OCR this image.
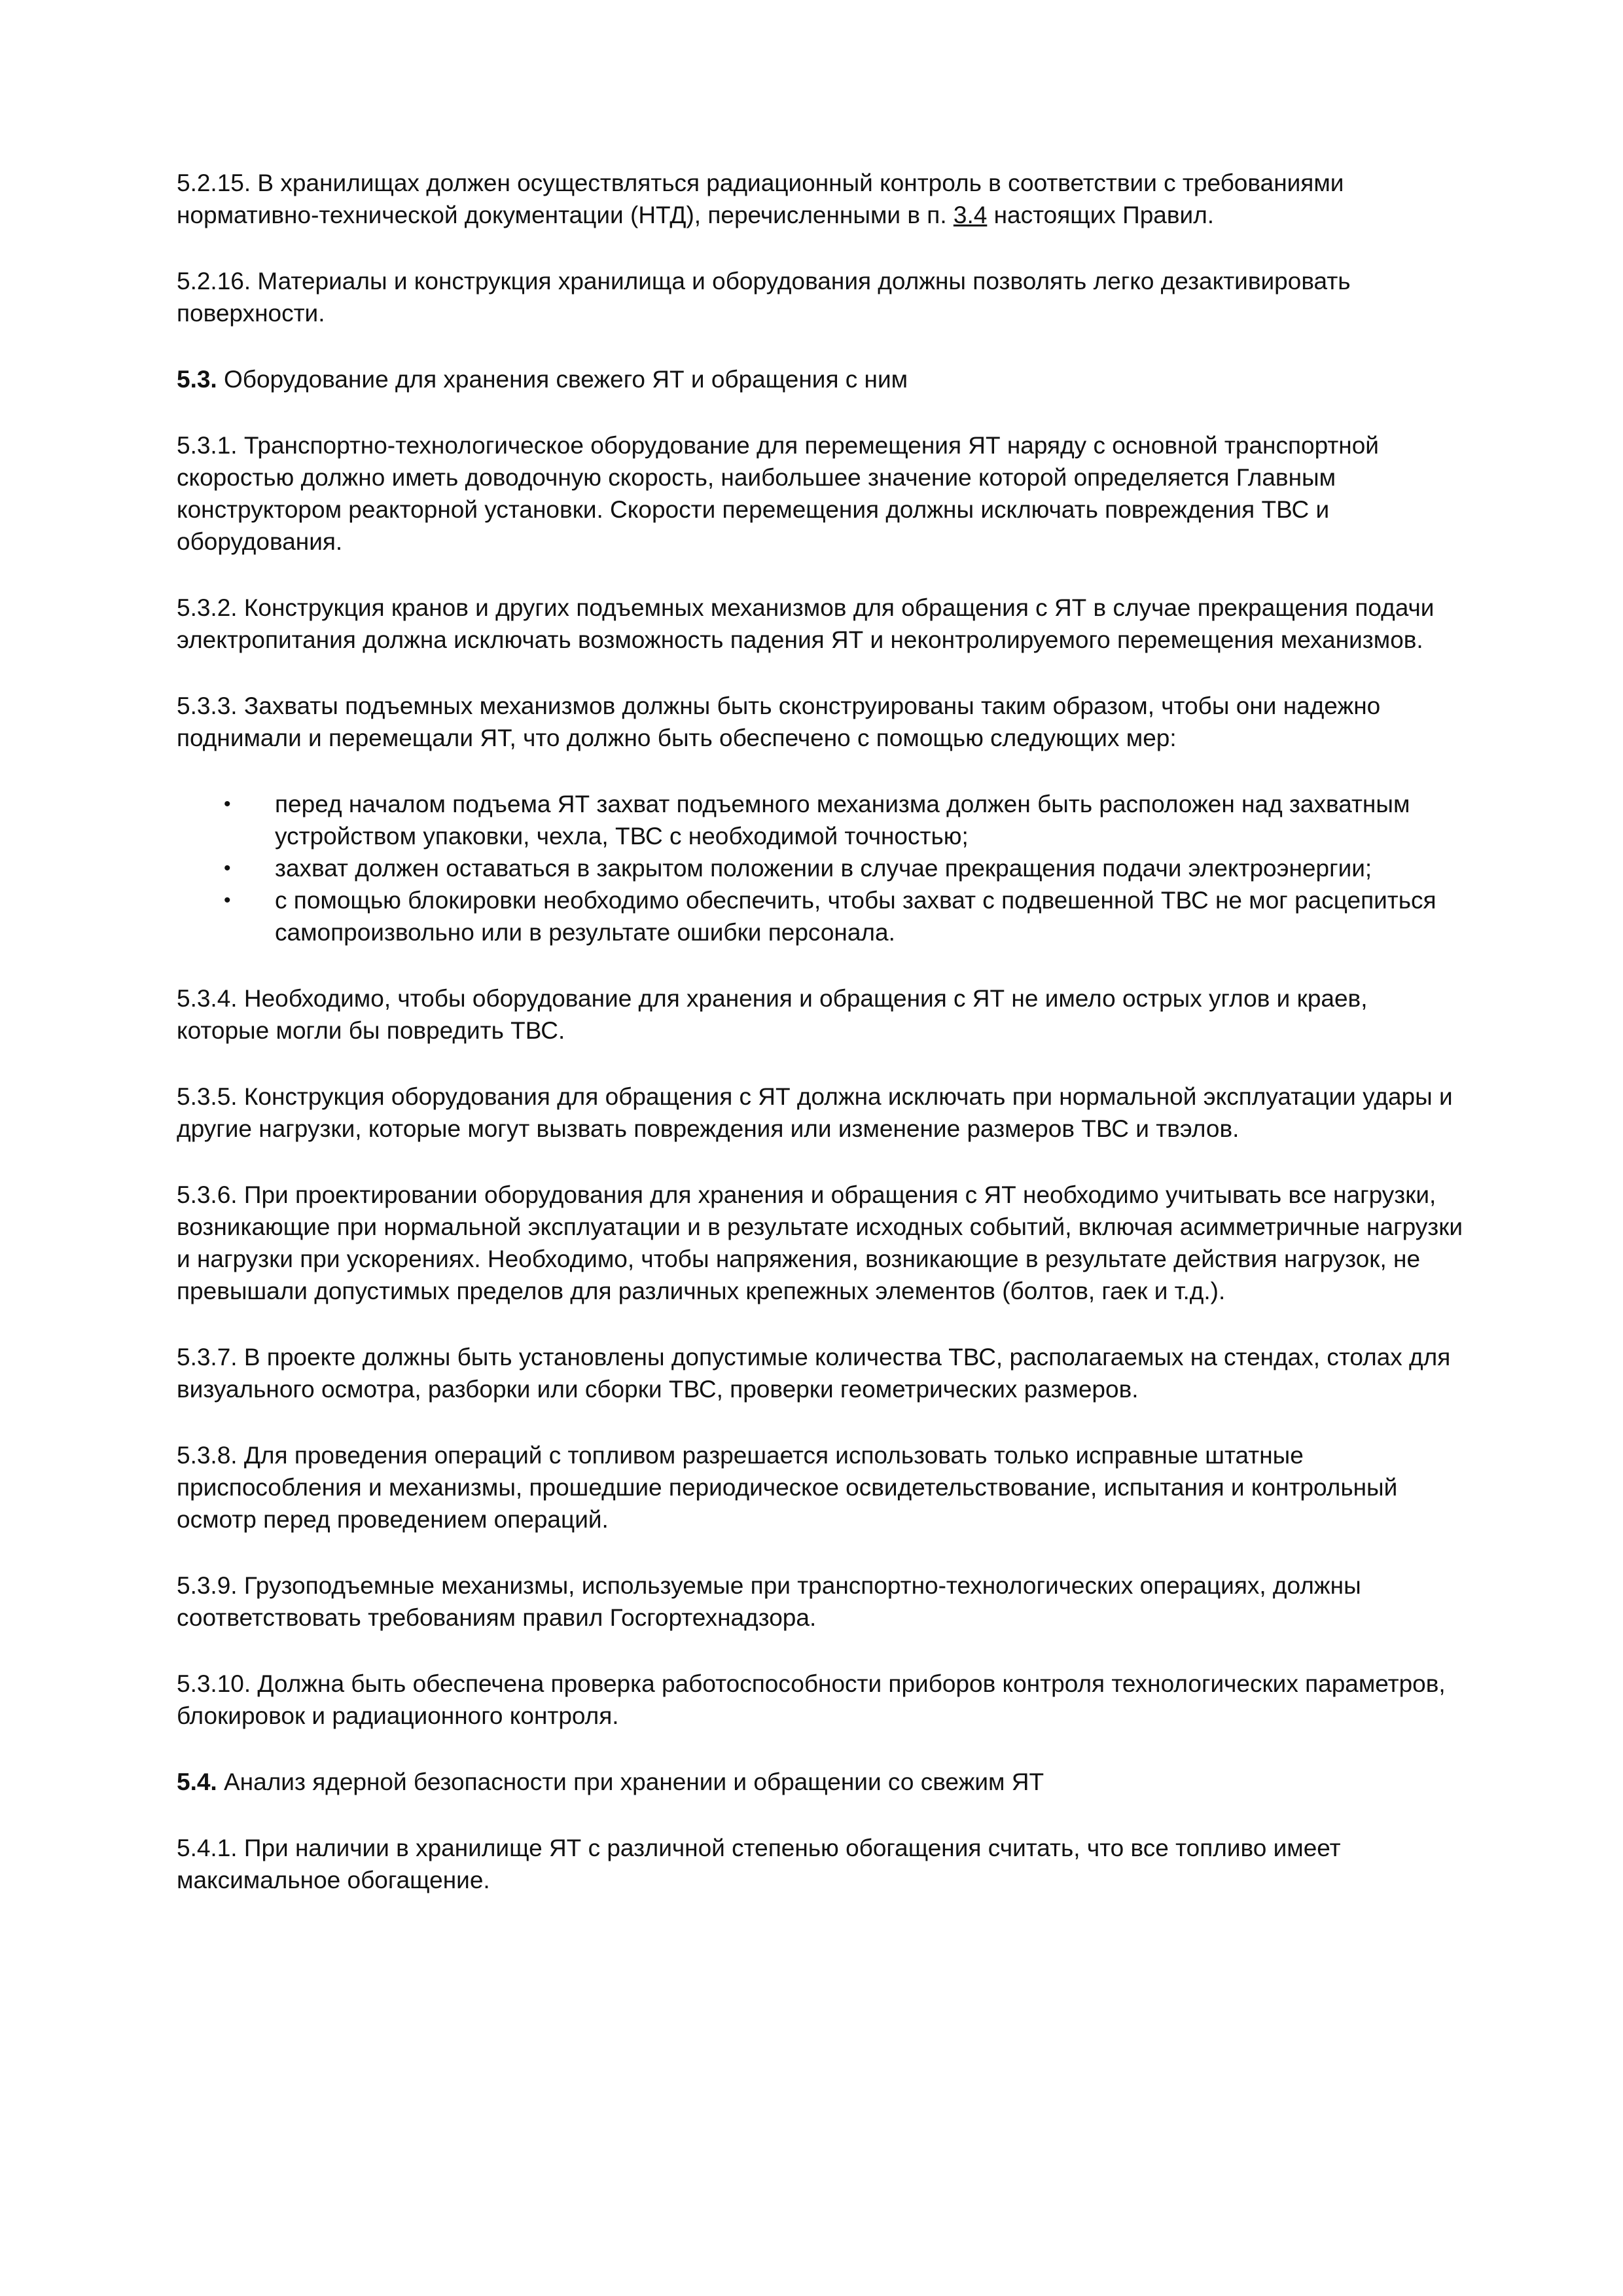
5.2.15. В хранилищах должен осуществляться радиационный контроль в соответствии с требованиями нормативно-технической документации (НТД), перечисленными в п. 3.4 настоящих Правил.

5.2.16. Материалы и конструкция хранилища и оборудования должны позволять легко дезактивировать поверхности.

5.3. Оборудование для хранения свежего ЯТ и обращения с ним

5.3.1. Транспортно-технологическое оборудование для перемещения ЯТ наряду с основной транспортной скоростью должно иметь доводочную скорость, наибольшее значение которой определяется Главным конструктором реакторной установки. Скорости перемещения должны исключать повреждения ТВС и оборудования.

5.3.2. Конструкция кранов и других подъемных механизмов для обращения с ЯТ в случае прекращения подачи электропитания должна исключать возможность падения ЯТ и неконтролируемого перемещения механизмов.

5.3.3. Захваты подъемных механизмов должны быть сконструированы таким образом, чтобы они надежно поднимали и перемещали ЯТ, что должно быть обеспечено с помощью следующих мер:

• перед началом подъема ЯТ захват подъемного механизма должен быть расположен над захватным устройством упаковки, чехла, ТВС с необходимой точностью;
• захват должен оставаться в закрытом положении в случае прекращения подачи электроэнергии;
• с помощью блокировки необходимо обеспечить, чтобы захват с подвешенной ТВС не мог расцепиться самопроизвольно или в результате ошибки персонала.

5.3.4. Необходимо, чтобы оборудование для хранения и обращения с ЯТ не имело острых углов и краев, которые могли бы повредить ТВС.

5.3.5. Конструкция оборудования для обращения с ЯТ должна исключать при нормальной эксплуатации удары и другие нагрузки, которые могут вызвать повреждения или изменение размеров ТВС и твэлов.

5.3.6. При проектировании оборудования для хранения и обращения с ЯТ необходимо учитывать все нагрузки, возникающие при нормальной эксплуатации и в результате исходных событий, включая асимметричные нагрузки и нагрузки при ускорениях. Необходимо, чтобы напряжения, возникающие в результате действия нагрузок, не превышали допустимых пределов для различных крепежных элементов (болтов, гаек и т.д.).

5.3.7. В проекте должны быть установлены допустимые количества ТВС, располагаемых на стендах, столах для визуального осмотра, разборки или сборки ТВС, проверки геометрических размеров.

5.3.8. Для проведения операций с топливом разрешается использовать только исправные штатные приспособления и механизмы, прошедшие периодическое освидетельствование, испытания и контрольный осмотр перед проведением операций.

5.3.9. Грузоподъемные механизмы, используемые при транспортно-технологических операциях, должны соответствовать требованиям правил Госгортехнадзора.

5.3.10. Должна быть обеспечена проверка работоспособности приборов контроля технологических параметров, блокировок и радиационного контроля.

5.4. Анализ ядерной безопасности при хранении и обращении со свежим ЯТ

5.4.1. При наличии в хранилище ЯТ с различной степенью обогащения считать, что все топливо имеет максимальное обогащение.
